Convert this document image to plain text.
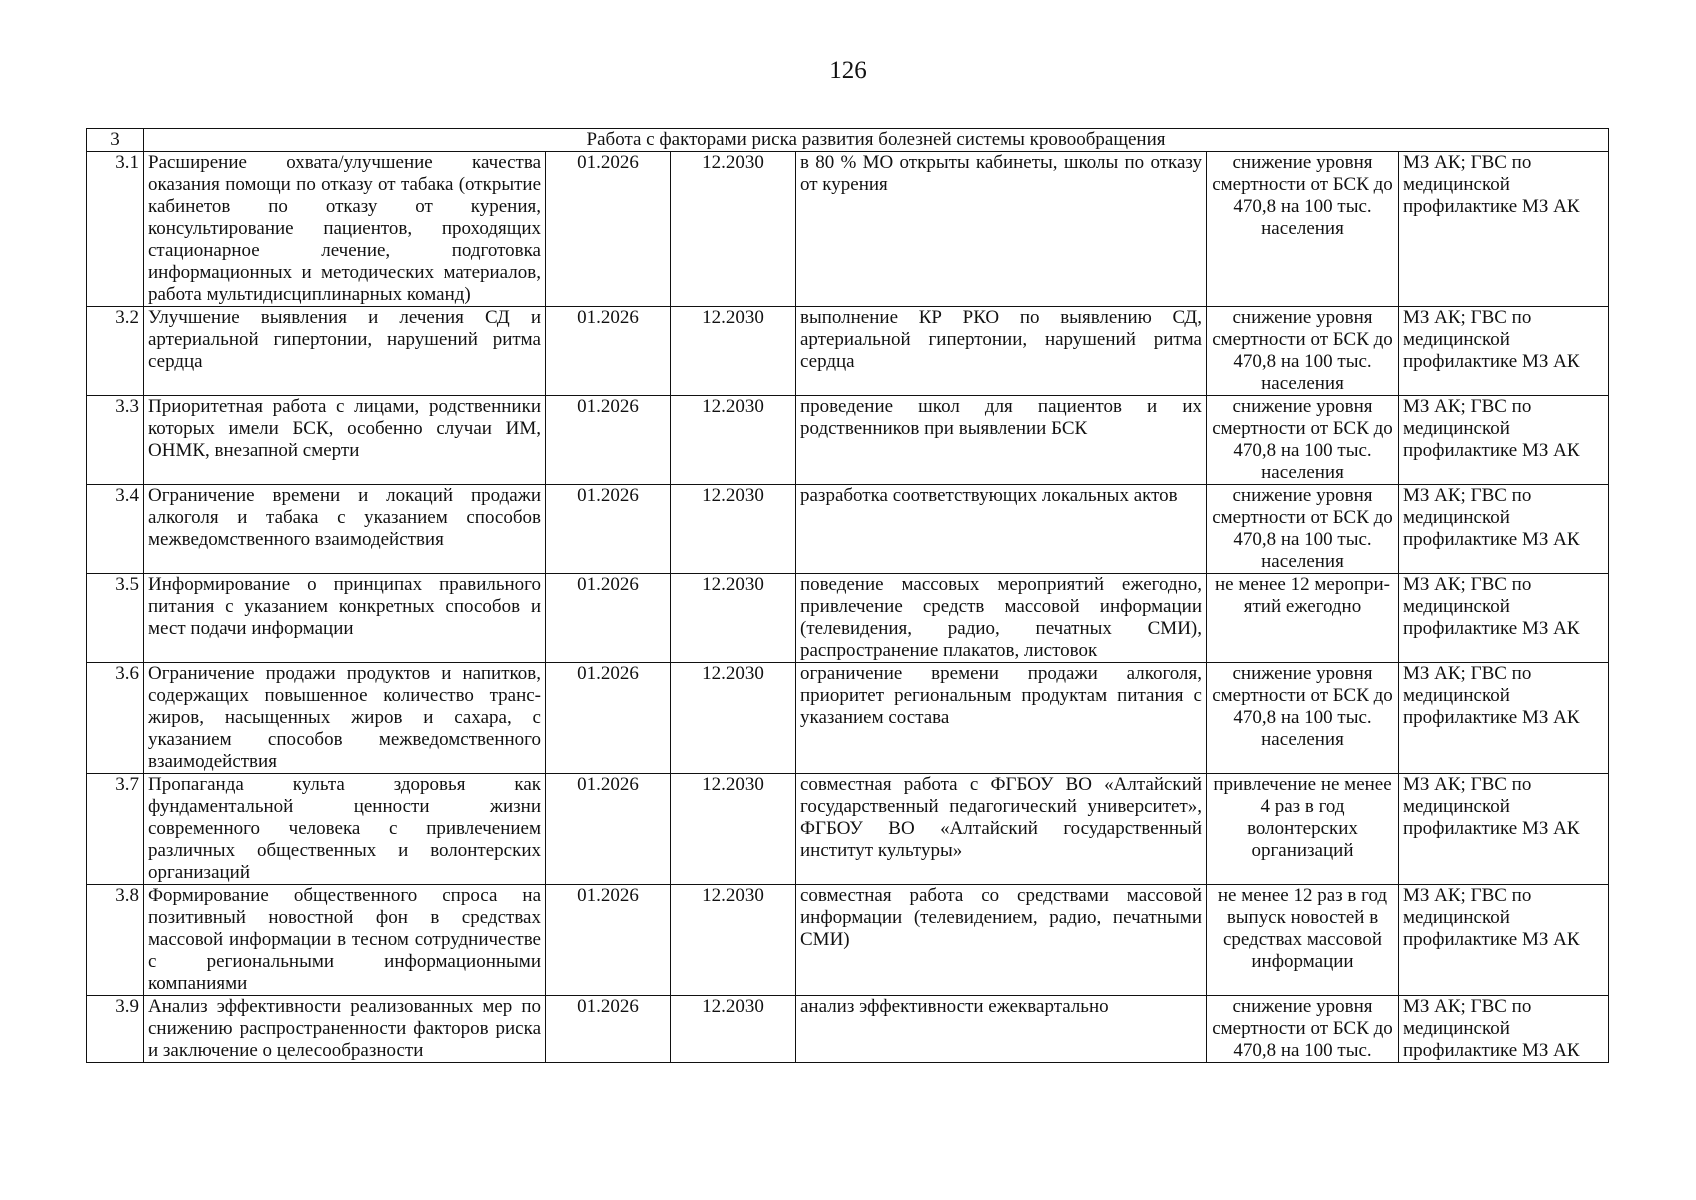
126
3	Работа с факторами риска развития болезней системы кровообращения					
3.1	Расширение охвата/улучшение качества оказания помощи по отказу от табака (открытие кабинетов по отказу от курения, консультирование пациентов, проходящих стационарное лечение, подготовка информационных и методических материалов, работа мультидисциплинарных команд)	01.2026	12.2030	в 80 % МО открыты кабинеты, школы по отказу от курения	снижение уровня смертности от БСК до 470,8 на 100 тыс. населения	МЗ АК; ГВС по медицинской профилактике МЗ АК
3.2	Улучшение выявления и лечения СД и артериальной гипертонии, нарушений ритма сердца	01.2026	12.2030	выполнение КР РКО по выявлению СД, артериальной гипертонии, нарушений ритма сердца	снижение уровня смертности от БСК до 470,8 на 100 тыс. населения	МЗ АК; ГВС по медицинской профилактике МЗ АК
3.3	Приоритетная работа с лицами, родственники которых имели БСК, особенно случаи ИМ, ОНМК, внезапной смерти	01.2026	12.2030	проведение школ для пациентов и их родственников при выявлении БСК	снижение уровня смертности от БСК до 470,8 на 100 тыс. населения	МЗ АК; ГВС по медицинской профилактике МЗ АК
3.4	Ограничение времени и локаций продажи алкоголя и табака с указанием способов межведомственного взаимодействия	01.2026	12.2030	разработка соответствующих локальных актов	снижение уровня смертности от БСК до 470,8 на 100 тыс. населения	МЗ АК; ГВС по медицинской профилактике МЗ АК
3.5	Информирование о принципах правильного питания с указанием конкретных способов и мест подачи информации	01.2026	12.2030	поведение массовых мероприятий ежегодно, привлечение средств массовой информации (телевидения, радио, печатных СМИ), распространение плакатов, листовок	не менее 12 меропри-ятий ежегодно	МЗ АК; ГВС по медицинской профилактике МЗ АК
3.6	Ограничение продажи продуктов и напитков, содержащих повышенное количество транс-жиров, насыщенных жиров и сахара, с указанием способов межведомственного взаимодействия	01.2026	12.2030	ограничение времени продажи алкоголя, приоритет региональным продуктам питания с указанием состава	снижение уровня смертности от БСК до 470,8 на 100 тыс. населения	МЗ АК; ГВС по медицинской профилактике МЗ АК
3.7	Пропаганда культа здоровья как фундаментальной ценности жизни современного человека с привлечением различных общественных и волонтерских организаций	01.2026	12.2030	совместная работа с ФГБОУ ВО «Алтайский государственный педагогический университет», ФГБОУ ВО «Алтайский государственный институт культуры»	привлечение не менее 4 раз в год волонтерских организаций	МЗ АК; ГВС по медицинской профилактике МЗ АК
3.8	Формирование общественного спроса на позитивный новостной фон в средствах массовой информации в тесном сотрудничестве с региональными информационными компаниями	01.2026	12.2030	совместная работа со средствами массовой информации (телевидением, радио, печатными СМИ)	не менее 12 раз в год выпуск новостей в средствах массовой информации	МЗ АК; ГВС по медицинской профилактике МЗ АК
3.9	Анализ эффективности реализованных мер по снижению распространенности факторов риска и заключение о целесообразности	01.2026	12.2030	анализ эффективности ежеквартально	снижение уровня смертности от БСК до 470,8 на 100 тыс.	МЗ АК; ГВС по медицинской профилактике МЗ АК
